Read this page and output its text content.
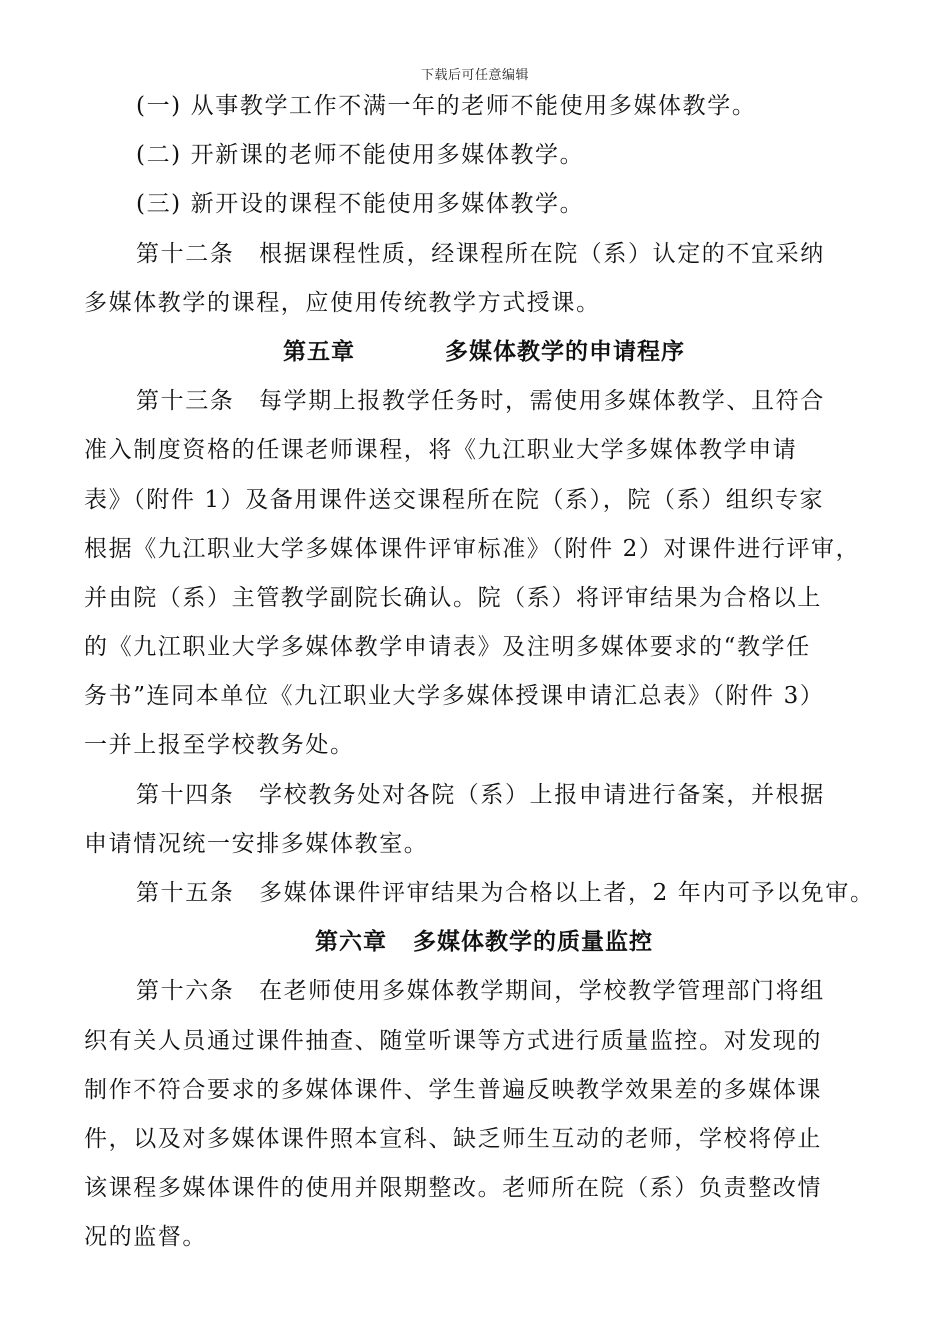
下载后可任意编辑
(一) 从事教学工作不满一年的老师不能使用多媒体教学。
(二) 开新课的老师不能使用多媒体教学。
(三) 新开设的课程不能使用多媒体教学。
第十二条　根据课程性质，经课程所在院（系）认定的不宜采纳
多媒体教学的课程，应使用传统教学方式授课。
第五章	多媒体教学的申请程序
第十三条　每学期上报教学任务时，需使用多媒体教学、且符合
准入制度资格的任课老师课程，将《九江职业大学多媒体教学申请
表》（附件 1）及备用课件送交课程所在院（系），院（系）组织专家
根据《九江职业大学多媒体课件评审标准》（附件 2）对课件进行评审，
并由院（系）主管教学副院长确认。院（系）将评审结果为合格以上
的《九江职业大学多媒体教学申请表》及注明多媒体要求的“教学任
务书”连同本单位《九江职业大学多媒体授课申请汇总表》（附件 3）
一并上报至学校教务处。
第十四条　学校教务处对各院（系）上报申请进行备案，并根据
申请情况统一安排多媒体教室。
第十五条　多媒体课件评审结果为合格以上者，2 年内可予以免审。
第六章 多媒体教学的质量监控
第十六条　在老师使用多媒体教学期间，学校教学管理部门将组
织有关人员通过课件抽查、随堂听课等方式进行质量监控。对发现的
制作不符合要求的多媒体课件、学生普遍反映教学效果差的多媒体课
件，以及对多媒体课件照本宣科、缺乏师生互动的老师，学校将停止
该课程多媒体课件的使用并限期整改。老师所在院（系）负责整改情
况的监督。
